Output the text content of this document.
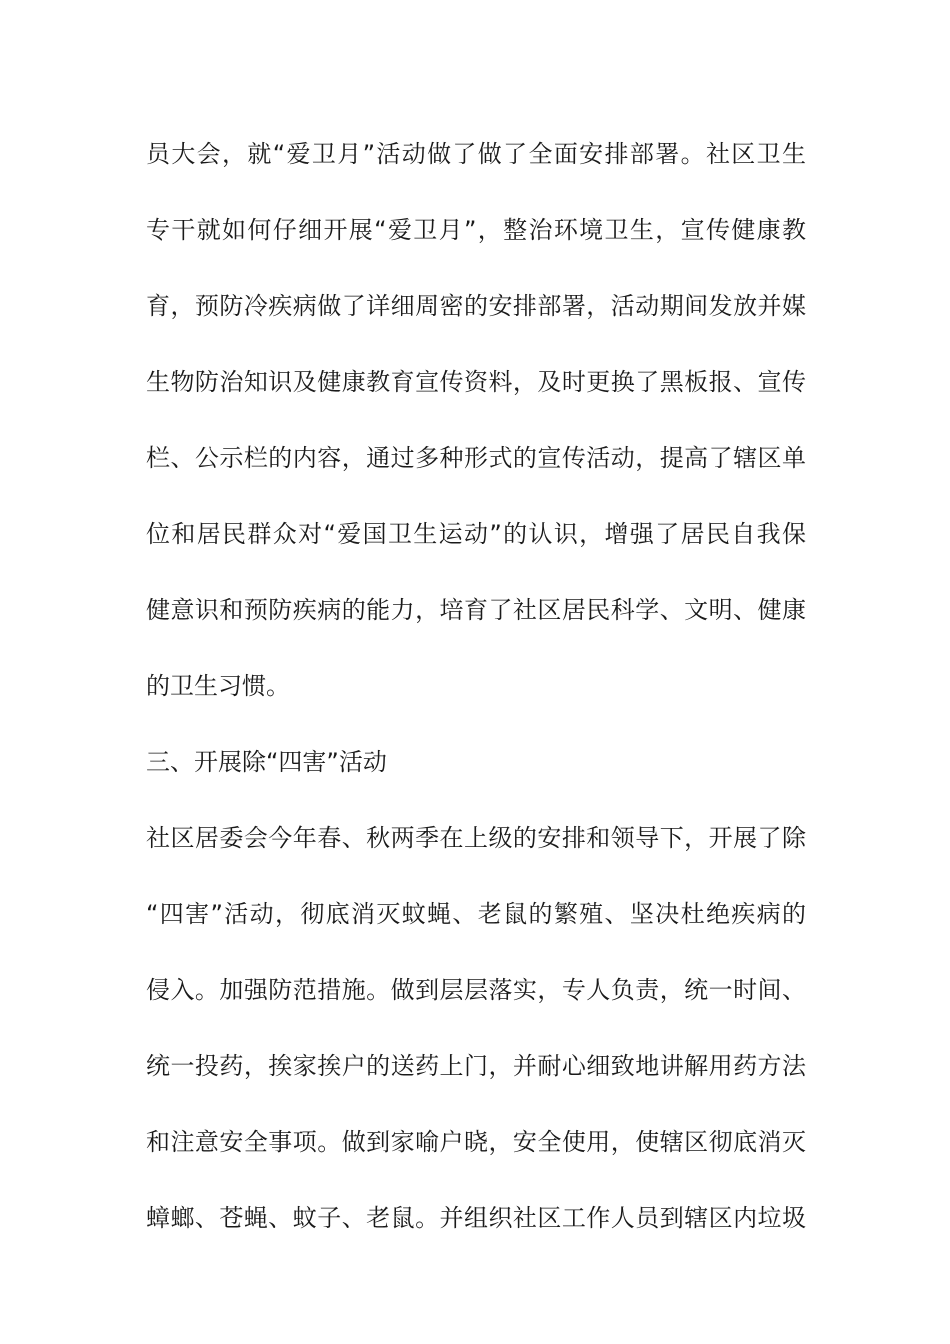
员大会，就“爱卫月”活动做了做了全面安排部署。社区卫生
专干就如何仔细开展“爱卫月”，整治环境卫生，宣传健康教
育，预防冷疾病做了详细周密的安排部署，活动期间发放并媒
生物防治知识及健康教育宣传资料，及时更换了黑板报、宣传
栏、公示栏的内容，通过多种形式的宣传活动，提高了辖区单
位和居民群众对“爱国卫生运动”的认识，增强了居民自我保
健意识和预防疾病的能力，培育了社区居民科学、文明、健康
的卫生习惯。
三、开展除“四害”活动
社区居委会今年春、秋两季在上级的安排和领导下，开展了除
“四害”活动，彻底消灭蚊蝇、老鼠的繁殖、坚决杜绝疾病的
侵入。加强防范措施。做到层层落实，专人负责，统一时间、
统一投药，挨家挨户的送药上门，并耐心细致地讲解用药方法
和注意安全事项。做到家喻户晓，安全使用，使辖区彻底消灭
蟑螂、苍蝇、蚊子、老鼠。并组织社区工作人员到辖区内垃圾
